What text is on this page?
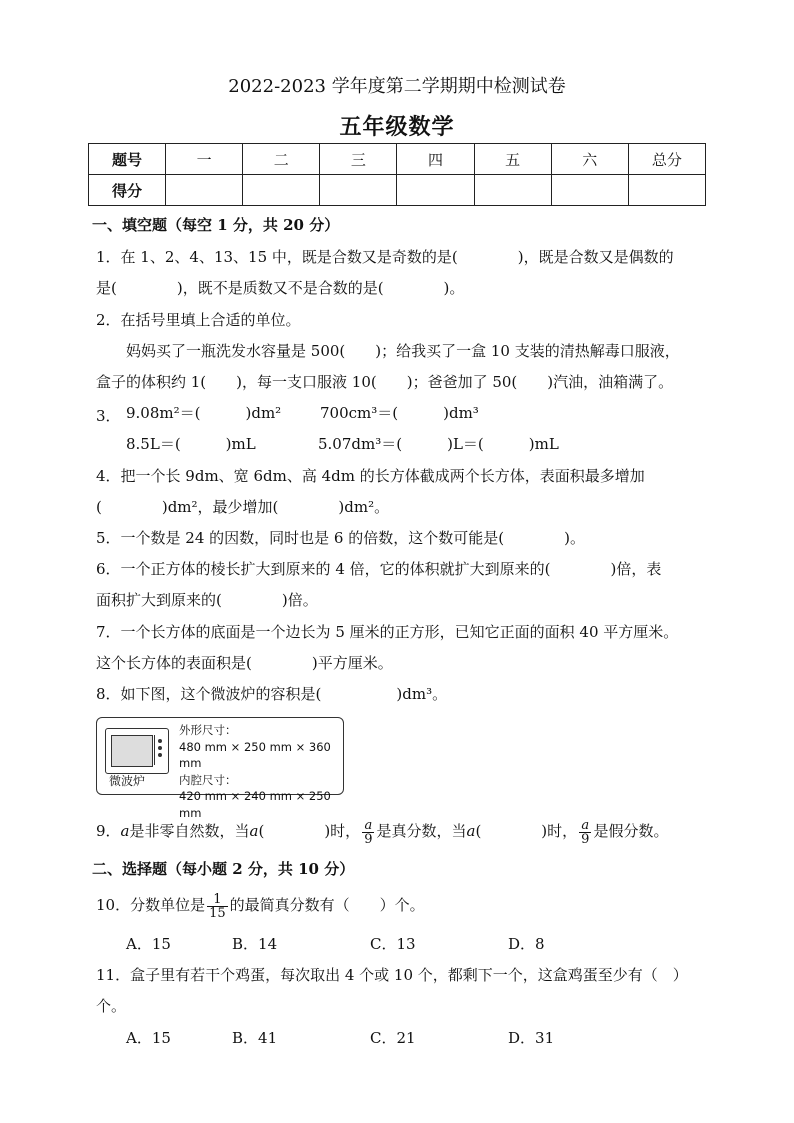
2022-2023 学年度第二学期期中检测试卷
五年级数学
题号	一	二	三	四	五	六	总分
得分							
一、填空题（每空 1 分，共 20 分）
1．在 1、2、4、13、15 中，既是合数又是奇数的是(　　　　)，既是合数又是偶数的
是(　　　　)，既不是质数又不是合数的是(　　　　)。
2．在括号里填上合适的单位。
妈妈买了一瓶洗发水容量是 500(　　)；给我买了一盒 10 支装的清热解毒口服液，
盒子的体积约 1(　　)，每一支口服液 10(　　)；爸爸加了 50(　　)汽油，油箱满了。
3． 9.08m²＝(　　　)dm²	700cm³＝(　　　)dm³
8.5L＝(　　　)mL	5.07dm³＝(　　　)L＝(　　　)mL
4．把一个长 9dm、宽 6dm、高 4dm 的长方体截成两个长方体，表面积最多增加
(　　　　)dm²，最少增加(　　　　)dm²。
5．一个数是 24 的因数，同时也是 6 的倍数，这个数可能是(　　　　)。
6．一个正方体的棱长扩大到原来的 4 倍，它的体积就扩大到原来的(　　　　)倍，表
面积扩大到原来的(　　　　)倍。
7．一个长方体的底面是一个边长为 5 厘米的正方形，已知它正面的面积 40 平方厘米。
这个长方体的表面积是(　　　　)平方厘米。
8．如下图，这个微波炉的容积是(　　　　　)dm³。
微波炉
外形尺寸：
480 mm × 250 mm × 360 mm
内腔尺寸：
420 mm × 240 mm × 250 mm
9．a是非零自然数，当a(　　　　)时， $\frac{a}{9}$ 是真分数，当a(　　　　)时， $\frac{a}{9}$ 是假分数。
二、选择题（每小题 2 分，共 10 分）
10．分数单位是 $\frac{1}{15}$ 的最简真分数有（　　）个。
A．15	B．14	C．13	D．8
11．盒子里有若干个鸡蛋，每次取出 4 个或 10 个，都剩下一个，这盒鸡蛋至少有（　）
个。
A．15	B．41	C．21	D．31
